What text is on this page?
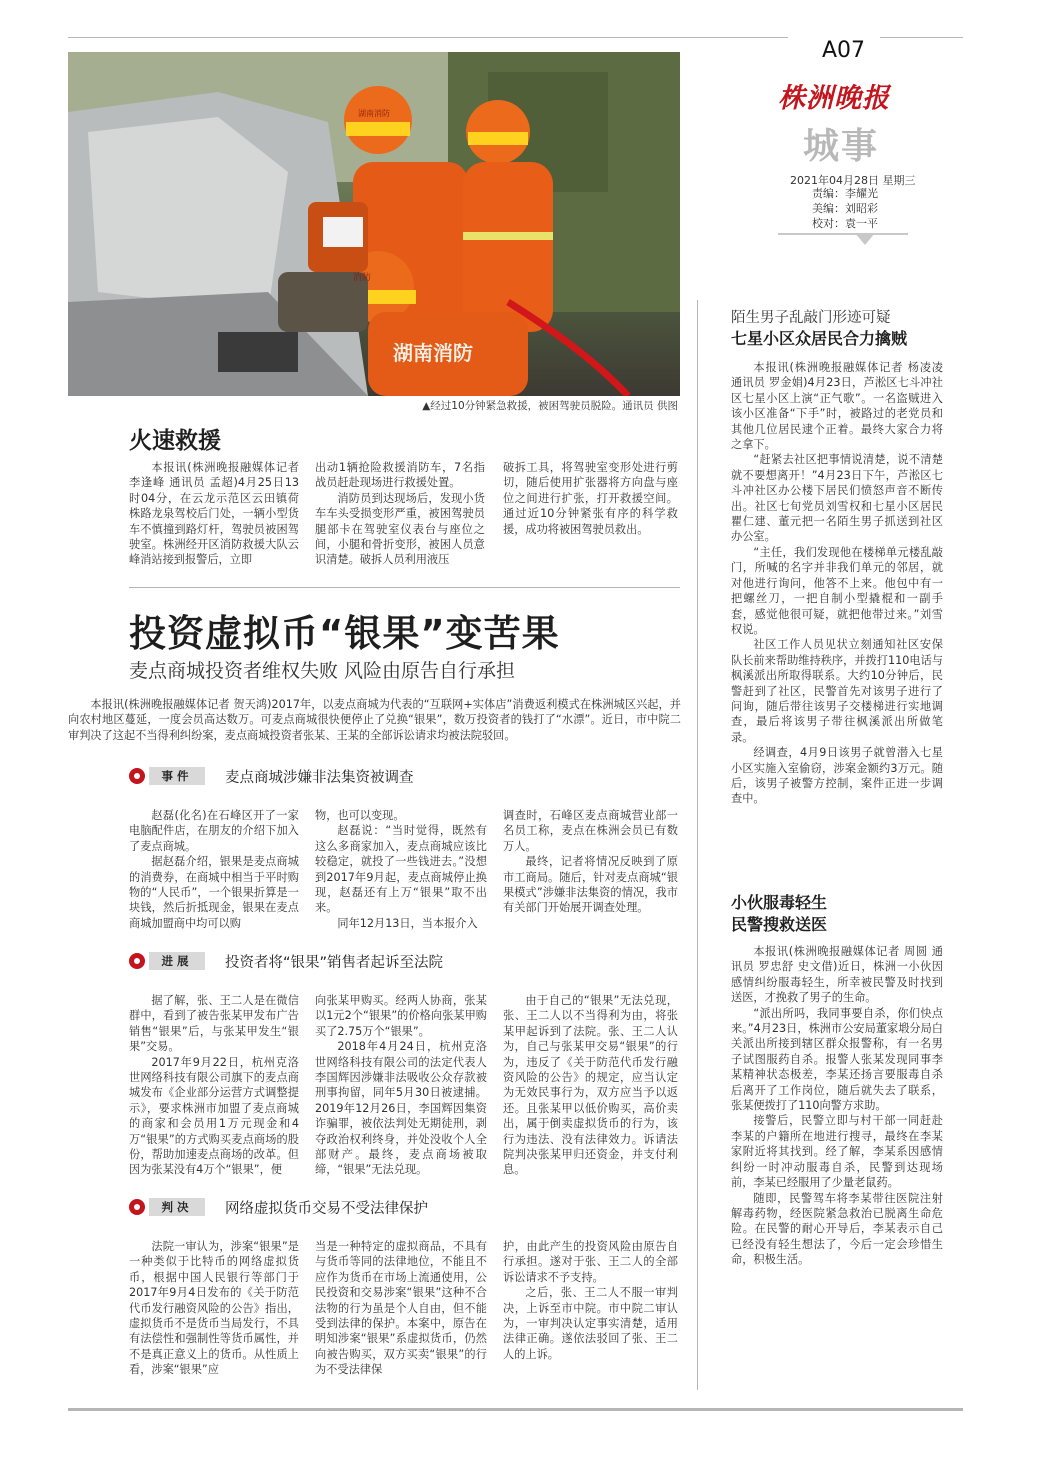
A07
株洲晚报
城事
2021年04月28日 星期三
责编：李耀光
美编：刘昭彩
校对：袁一平
湖南消防
消防
湖南消防
▲经过10分钟紧急救援，被困驾驶员脱险。通讯员 供图
火速救援

本报讯(株洲晚报融媒体记者 李逢峰 通讯员 孟超)4月25日13时04分，在云龙示范区云田镇荷株路龙泉驾校后门处，一辆小型货车不慎撞到路灯杆，驾驶员被困驾驶室。株洲经开区消防救援大队云峰消站接到报警后，立即

出动1辆抢险救援消防车，7名指战员赶赴现场进行救援处置。

消防员到达现场后，发现小货车车头受损变形严重，被困驾驶员腿部卡在驾驶室仪表台与座位之间，小腿和骨折变形，被困人员意识清楚。破拆人员利用液压

破拆工具，将驾驶室变形处进行剪切，随后使用扩张器将方向盘与座位之间进行扩张，打开救援空间。通过近10分钟紧张有序的科学救援，成功将被困驾驶员救出。

投资虚拟币“银果”变苦果
麦点商城投资者维权失败 风险由原告自行承担

本报讯(株洲晚报融媒体记者 贺天鸿)2017年，以麦点商城为代表的“互联网+实体店”消费返利模式在株洲城区兴起，并向农村地区蔓延，一度会员高达数万。可麦点商城很快便停止了兑换“银果”，数万投资者的钱打了“水漂”。近日，市中院二审判决了这起不当得利纠纷案，麦点商城投资者张某、王某的全部诉讼请求均被法院驳回。

事件	麦点商城涉嫌非法集资被调查

赵磊(化名)在石峰区开了一家电脑配件店，在朋友的介绍下加入了麦点商城。

据赵磊介绍，银果是麦点商城的消费券，在商城中相当于平时购物的“人民币”，一个银果折算是一块钱，然后折抵现金，银果在麦点商城加盟商中均可以购

物，也可以变现。

赵磊说：“当时觉得，既然有这么多商家加入，麦点商城应该比较稳定，就投了一些钱进去。”没想到2017年9月起，麦点商城停止换现，赵磊还有上万“银果”取不出来。

同年12月13日，当本报介入

调查时，石峰区麦点商城营业部一名员工称，麦点在株洲会员已有数万人。

最终，记者将情况反映到了原市工商局。随后，针对麦点商城“银果模式”涉嫌非法集资的情况，我市有关部门开始展开调查处理。

进展	投资者将“银果”销售者起诉至法院

据了解，张、王二人是在微信群中，看到了被告张某甲发布广告销售“银果”后，与张某甲发生“银果”交易。

2017年9月22日，杭州克洛世网络科技有限公司旗下的麦点商城发布《企业部分运营方式调整提示》，要求株洲市加盟了麦点商城的商家和会员用1万元现金和4万“银果”的方式购买麦点商场的股份，帮助加速麦点商场的改革。但因为张某没有4万个“银果”，便

向张某甲购买。经两人协商，张某以1元2个“银果”的价格向张某甲购买了2.75万个“银果”。

2018年4月24日，杭州克洛世网络科技有限公司的法定代表人李国辉因涉嫌非法吸收公众存款被刑事拘留，同年5月30日被逮捕。2019年12月26日，李国辉因集资诈骗罪，被依法判处无期徒刑，剥夺政治权利终身，并处没收个人全部财产。最终，麦点商场被取缔，“银果”无法兑现。

由于自己的“银果”无法兑现，张、王二人以不当得利为由，将张某甲起诉到了法院。张、王二人认为，自己与张某甲交易“银果”的行为，违反了《关于防范代币发行融资风险的公告》的规定，应当认定为无效民事行为，双方应当予以返还。且张某甲以低价购买，高价卖出，属于倒卖虚拟货币的行为，该行为违法、没有法律效力。诉请法院判决张某甲归还资金，并支付利息。

判决	网络虚拟货币交易不受法律保护

法院一审认为，涉案“银果”是一种类似于比特币的网络虚拟货币，根据中国人民银行等部门于2017年9月4日发布的《关于防范代币发行融资风险的公告》指出，虚拟货币不是货币当局发行，不具有法偿性和强制性等货币属性，并不是真正意义上的货币。从性质上看，涉案“银果”应

当是一种特定的虚拟商品，不具有与货币等同的法律地位，不能且不应作为货币在市场上流通使用，公民投资和交易涉案“银果”这种不合法物的行为虽是个人自由，但不能受到法律的保护。本案中，原告在明知涉案“银果”系虚拟货币，仍然向被告购买，双方买卖“银果”的行为不受法律保

护，由此产生的投资风险由原告自行承担。遂对于张、王二人的全部诉讼请求不予支持。

之后，张、王二人不服一审判决，上诉至市中院。市中院二审认为，一审判决认定事实清楚，适用法律正确。遂依法驳回了张、王二人的上诉。

陌生男子乱敲门形迹可疑
七星小区众居民合力擒贼

本报讯(株洲晚报融媒体记者 杨凌凌 通讯员 罗金娟)4月23日，芦淞区七斗冲社区七星小区上演“正气歌”。一名盗贼进入该小区准备“下手”时，被路过的老党员和其他几位居民逮个正着。最终大家合力将之拿下。

“赶紧去社区把事情说清楚，说不清楚就不要想离开！”4月23日下午，芦淞区七斗冲社区办公楼下居民们愤怒声音不断传出。社区七旬党员刘雪权和七星小区居民瞿仁建、董元把一名陌生男子抓送到社区办公室。

“主任，我们发现他在楼梯单元楼乱敲门，所喊的名字并非我们单元的邻居，就对他进行询问，他答不上来。他包中有一把螺丝刀，一把自制小型撬棍和一副手套，感觉他很可疑，就把他带过来。”刘雪权说。

社区工作人员见状立刻通知社区安保队长前来帮助维持秩序，并拨打110电话与枫溪派出所取得联系。大约10分钟后，民警赶到了社区，民警首先对该男子进行了问询，随后带往该男子交楼梯进行实地调查，最后将该男子带往枫溪派出所做笔录。

经调查，4月9日该男子就曾潜入七星小区实施入室偷窃，涉案金额约3万元。随后，该男子被警方控制，案件正进一步调查中。

小伙服毒轻生
民警搜救送医

本报讯(株洲晚报融媒体记者 周圆 通讯员 罗忠舒 史文借)近日，株洲一小伙因感情纠纷服毒轻生，所幸被民警及时找到送医，才挽救了男子的生命。

“派出所吗，我同事要自杀，你们快点来。”4月23日，株洲市公安局董家塅分局白关派出所接到辖区群众报警称，有一名男子试图服药自杀。报警人张某发现同事李某精神状态极差，李某还扬言要服毒自杀后离开了工作岗位，随后就失去了联系，张某便拨打了110向警方求助。

接警后，民警立即与村干部一同赶赴李某的户籍所在地进行搜寻，最终在李某家附近将其找到。经了解，李某系因感情纠纷一时冲动服毒自杀，民警到达现场前，李某已经服用了少量老鼠药。

随即，民警驾车将李某带往医院注射解毒药物，经医院紧急救治已脱离生命危险。在民警的耐心开导后，李某表示自己已经没有轻生想法了，今后一定会珍惜生命，积极生活。
